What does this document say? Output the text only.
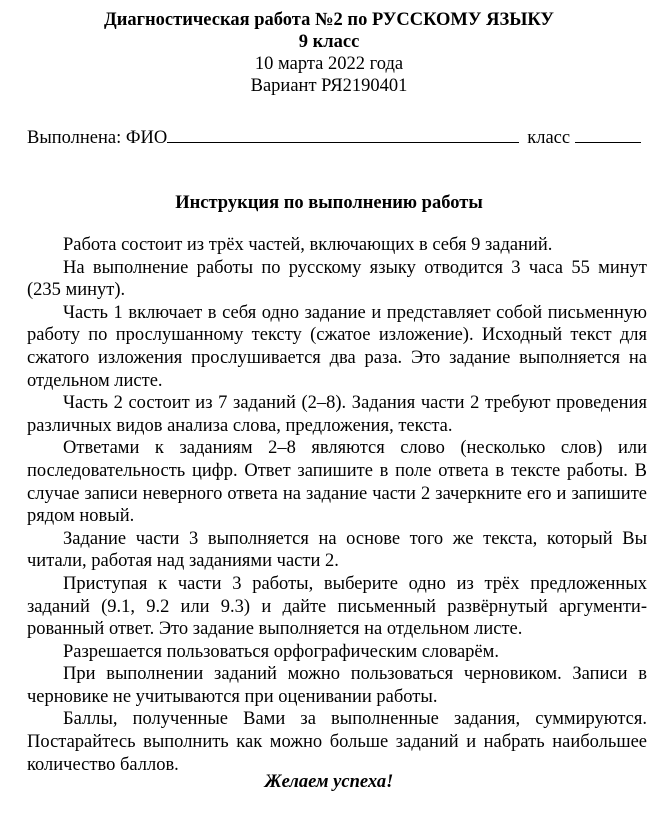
Диагностическая работа №2 по РУССКОМУ ЯЗЫКУ
9 класс
10 марта 2022 года
Вариант РЯ2190401
Выполнена: ФИО	класс
Инструкция по выполнению работы

Работа состоит из трёх частей, включающих в себя 9 заданий.

На выполнение работы по русскому языку отводится 3 часа 55 минут (235 минут).

Часть 1 включает в себя одно задание и представляет собой письменную работу по прослушанному тексту (сжатое изложение). Исходный текст для сжатого изложения прослушивается два раза. Это задание выполняется на отдельном листе.

Часть 2 состоит из 7 заданий (2–8). Задания части 2 требуют проведения различных видов анализа слова, предложения, текста.

Ответами к заданиям 2–8 являются слово (несколько слов) или последовательность цифр. Ответ запишите в поле ответа в тексте работы. В случае записи неверного ответа на задание части 2 зачеркните его и запишите рядом новый.

Задание части 3 выполняется на основе того же текста, который Вы читали, работая над заданиями части 2.

Приступая к части 3 работы, выберите одно из трёх предложенных заданий (9.1, 9.2 или 9.3) и дайте письменный развёрнутый аргументированный ответ. Это задание выполняется на отдельном листе.

Разрешается пользоваться орфографическим словарём.

При выполнении заданий можно пользоваться черновиком. Записи в черновике не учитываются при оценивании работы.

Баллы, полученные Вами за выполненные задания, суммируются. Постарайтесь выполнить как можно больше заданий и набрать наибольшее количество баллов.

Желаем успеха!
